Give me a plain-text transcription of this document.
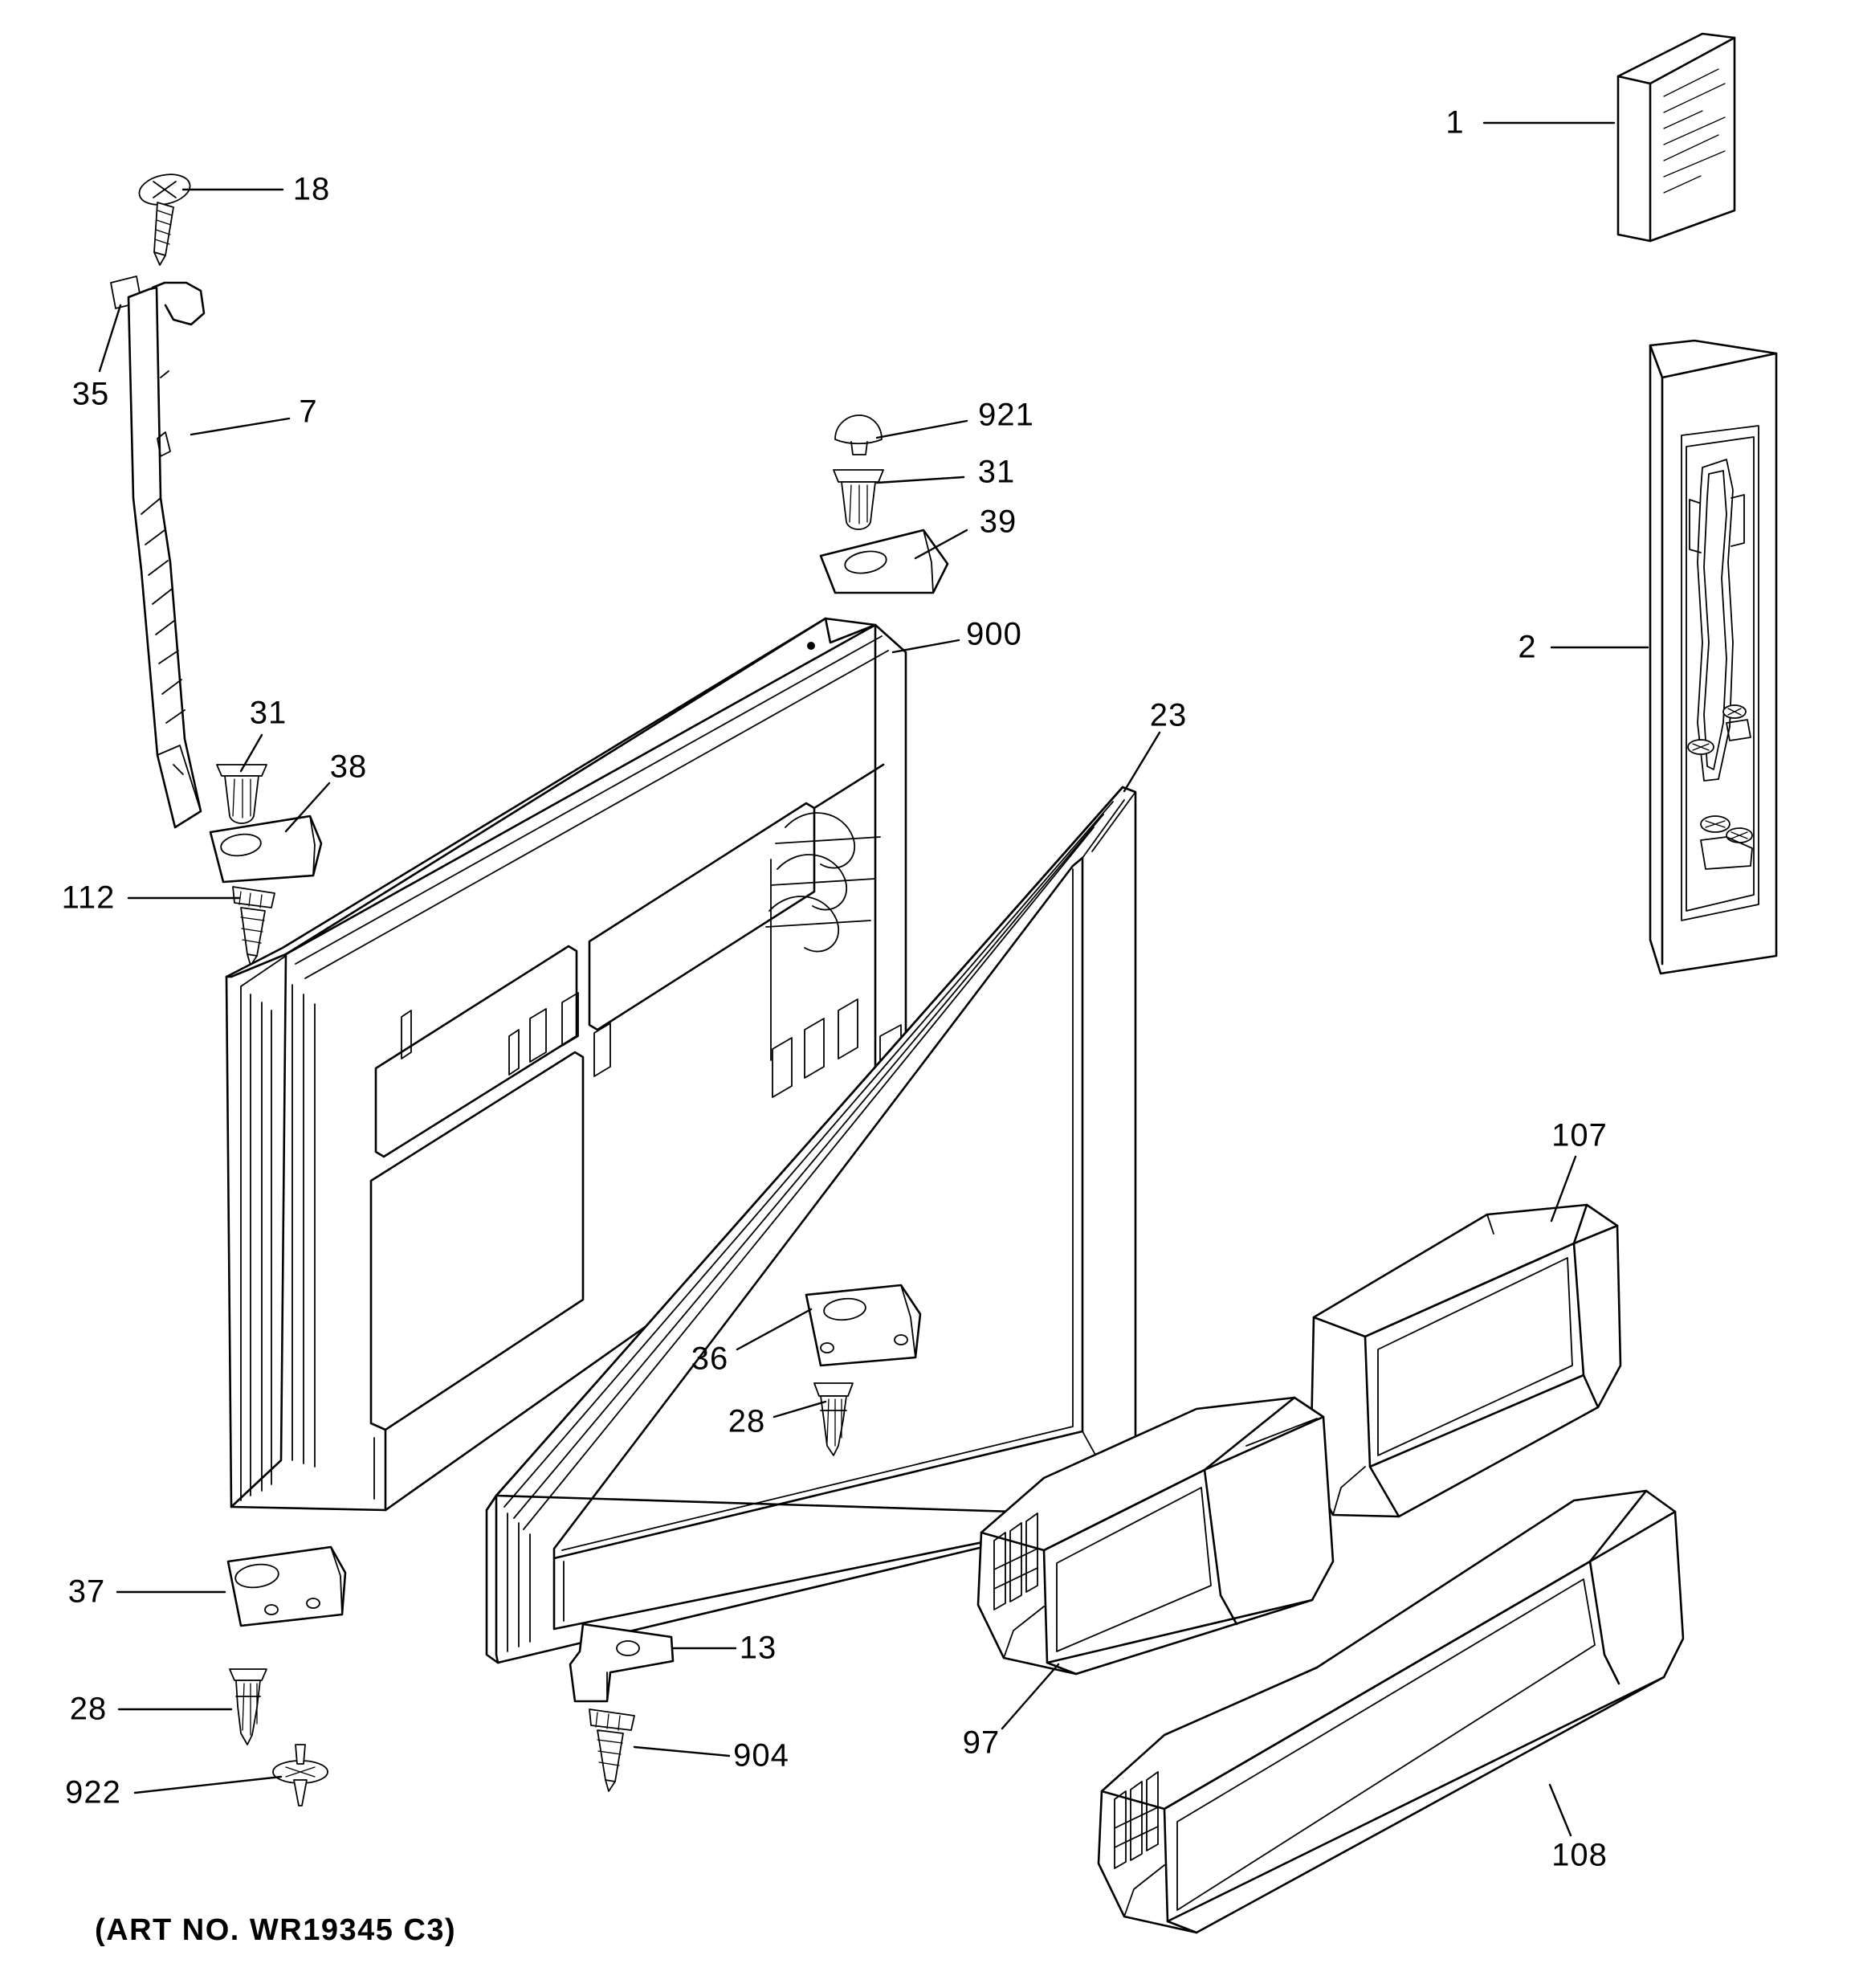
1
18
35	7	921
31
39
2
900
23
31
38
112
107
36
28
37
28
922
13
904	97
108
(ART NO. WR19345 C3)
